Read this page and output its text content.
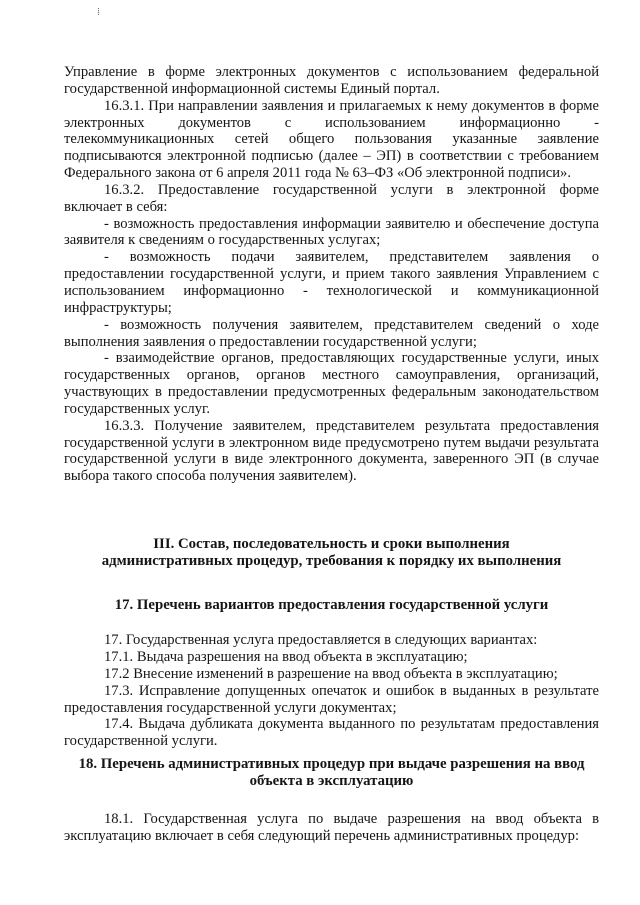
⁞

Управление в форме электронных документов с использованием федеральной государственной информационной системы Единый портал.

16.3.1. При направлении заявления и прилагаемых к нему документов в форме электронных документов с использованием информационно - телекоммуникационных сетей общего пользования указанные заявление подписываются электронной подписью (далее – ЭП) в соответствии с требованием Федерального закона от 6 апреля 2011 года № 63–ФЗ «Об электронной подписи».

16.3.2. Предоставление государственной услуги в электронной форме включает в себя:

- возможность предоставления информации заявителю и обеспечение доступа заявителя к сведениям о государственных услугах;

- возможность подачи заявителем, представителем заявления о предоставлении государственной услуги, и прием такого заявления Управлением с использованием информационно - технологической и коммуникационной инфраструктуры;

- возможность получения заявителем, представителем сведений о ходе выполнения заявления о предоставлении государственной услуги;

- взаимодействие органов, предоставляющих государственные услуги, иных государственных органов, органов местного самоуправления, организаций, участвующих в предоставлении предусмотренных федеральным законодательством государственных услуг.

16.3.3. Получение заявителем, представителем результата предоставления государственной услуги в электронном виде предусмотрено путем выдачи результата государственной услуги в виде электронного документа, заверенного ЭП (в случае выбора такого способа получения заявителем).

III. Состав, последовательность и сроки выполнения

административных процедур, требования к порядку их выполнения

17. Перечень вариантов предоставления государственной услуги

17. Государственная услуга предоставляется в следующих вариантах:

17.1. Выдача разрешения на ввод объекта в эксплуатацию;

17.2 Внесение изменений в разрешение на ввод объекта в эксплуатацию;

17.3. Исправление допущенных опечаток и ошибок в выданных в результате предоставления государственной услуги документах;

17.4. Выдача дубликата документа выданного по результатам предоставления государственной услуги.

18. Перечень административных процедур при выдаче разрешения на ввод

объекта в эксплуатацию

18.1. Государственная услуга по выдаче разрешения на ввод объекта в эксплуатацию включает в себя следующий перечень административных процедур:
